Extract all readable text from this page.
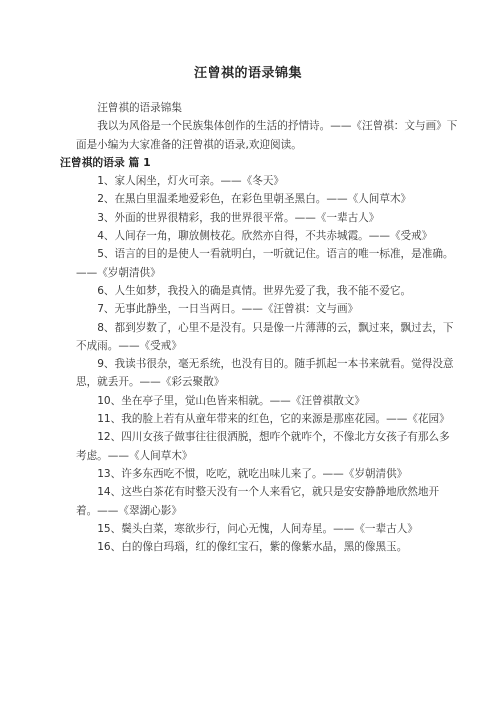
汪曾祺的语录锦集

汪曾祺的语录锦集

我以为风俗是一个民族集体创作的生活的抒情诗。——《汪曾祺：文与画》下面是小编为大家准备的汪曾祺的语录,欢迎阅读。

汪曾祺的语录 篇 1

1、家人闲坐，灯火可亲。——《冬天》
2、在黑白里温柔地爱彩色，在彩色里朝圣黑白。——《人间草木》
3、外面的世界很精彩，我的世界很平常。——《一辈古人》
4、人间存一角，聊放侧枝花。欣然亦自得，不共赤城霞。——《受戒》
5、语言的目的是使人一看就明白，一听就记住。语言的唯一标准，是准确。——《岁朝清供》
6、人生如梦，我投入的确是真情。世界先爱了我，我不能不爱它。
7、无事此静坐，一日当两日。——《汪曾祺：文与画》
8、都到岁数了，心里不是没有。只是像一片薄薄的云，飘过来，飘过去，下不成雨。——《受戒》
9、我读书很杂，毫无系统，也没有目的。随手抓起一本书来就看。觉得没意思，就丢开。——《彩云聚散》
10、坐在亭子里，觉山色皆来相就。——《汪曾祺散文》
11、我的脸上若有从童年带来的红色，它的来源是那座花园。——《花园》
12、四川女孩子做事往往很洒脱，想咋个就咋个，不像北方女孩子有那么多考虑。——《人间草木》
13、许多东西吃不惯，吃吃，就吃出味儿来了。——《岁朝清供》
14、这些白茶花有时整天没有一个人来看它，就只是安安静静地欣然地开着。——《翠湖心影》
15、鬓头白菜，寒欲步行，问心无愧，人间寿星。——《一辈古人》
16、白的像白玛瑙，红的像红宝石，紫的像紫水晶，黑的像黑玉。
